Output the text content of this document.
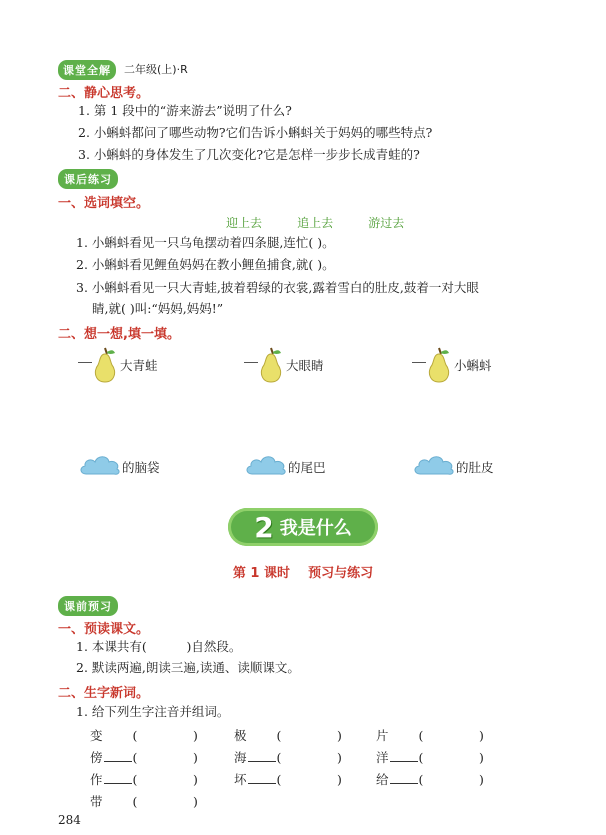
课堂全解	二年级(上)·R
二、静心思考。
1. 第 1 段中的“游来游去”说明了什么?
2. 小蝌蚪都问了哪些动物?它们告诉小蝌蚪关于妈妈的哪些特点?
3. 小蝌蚪的身体发生了几次变化?它是怎样一步步长成青蛙的?
课后练习
一、选词填空。
迎上去	追上去	游过去
1. 小蝌蚪看见一只乌龟摆动着四条腿,连忙( )。
2. 小蝌蚪看见鲤鱼妈妈在教小鲤鱼捕食,就( )。
3. 小蝌蚪看见一只大青蛙,披着碧绿的衣裳,露着雪白的肚皮,鼓着一对大眼
睛,就( )叫:“妈妈,妈妈!”
二、想一想,填一填。
大青蛙	大眼睛	小蝌蚪
的脑袋	的尾巴	的肚皮
2 我是什么
第 1 课时    预习与练习
课前预习
一、预读课文。
1. 本课共有(          )自然段。
2. 默读两遍,朗读三遍,读通、读顺课文。
二、生字新词。
1. 给下列生字注音并组词。
变 (              )	极 (              )	片 (              )
傍 (              )	海 (              )	洋 (              )
作 (              )	坏 (              )	给 (              )
带 (              )
284
